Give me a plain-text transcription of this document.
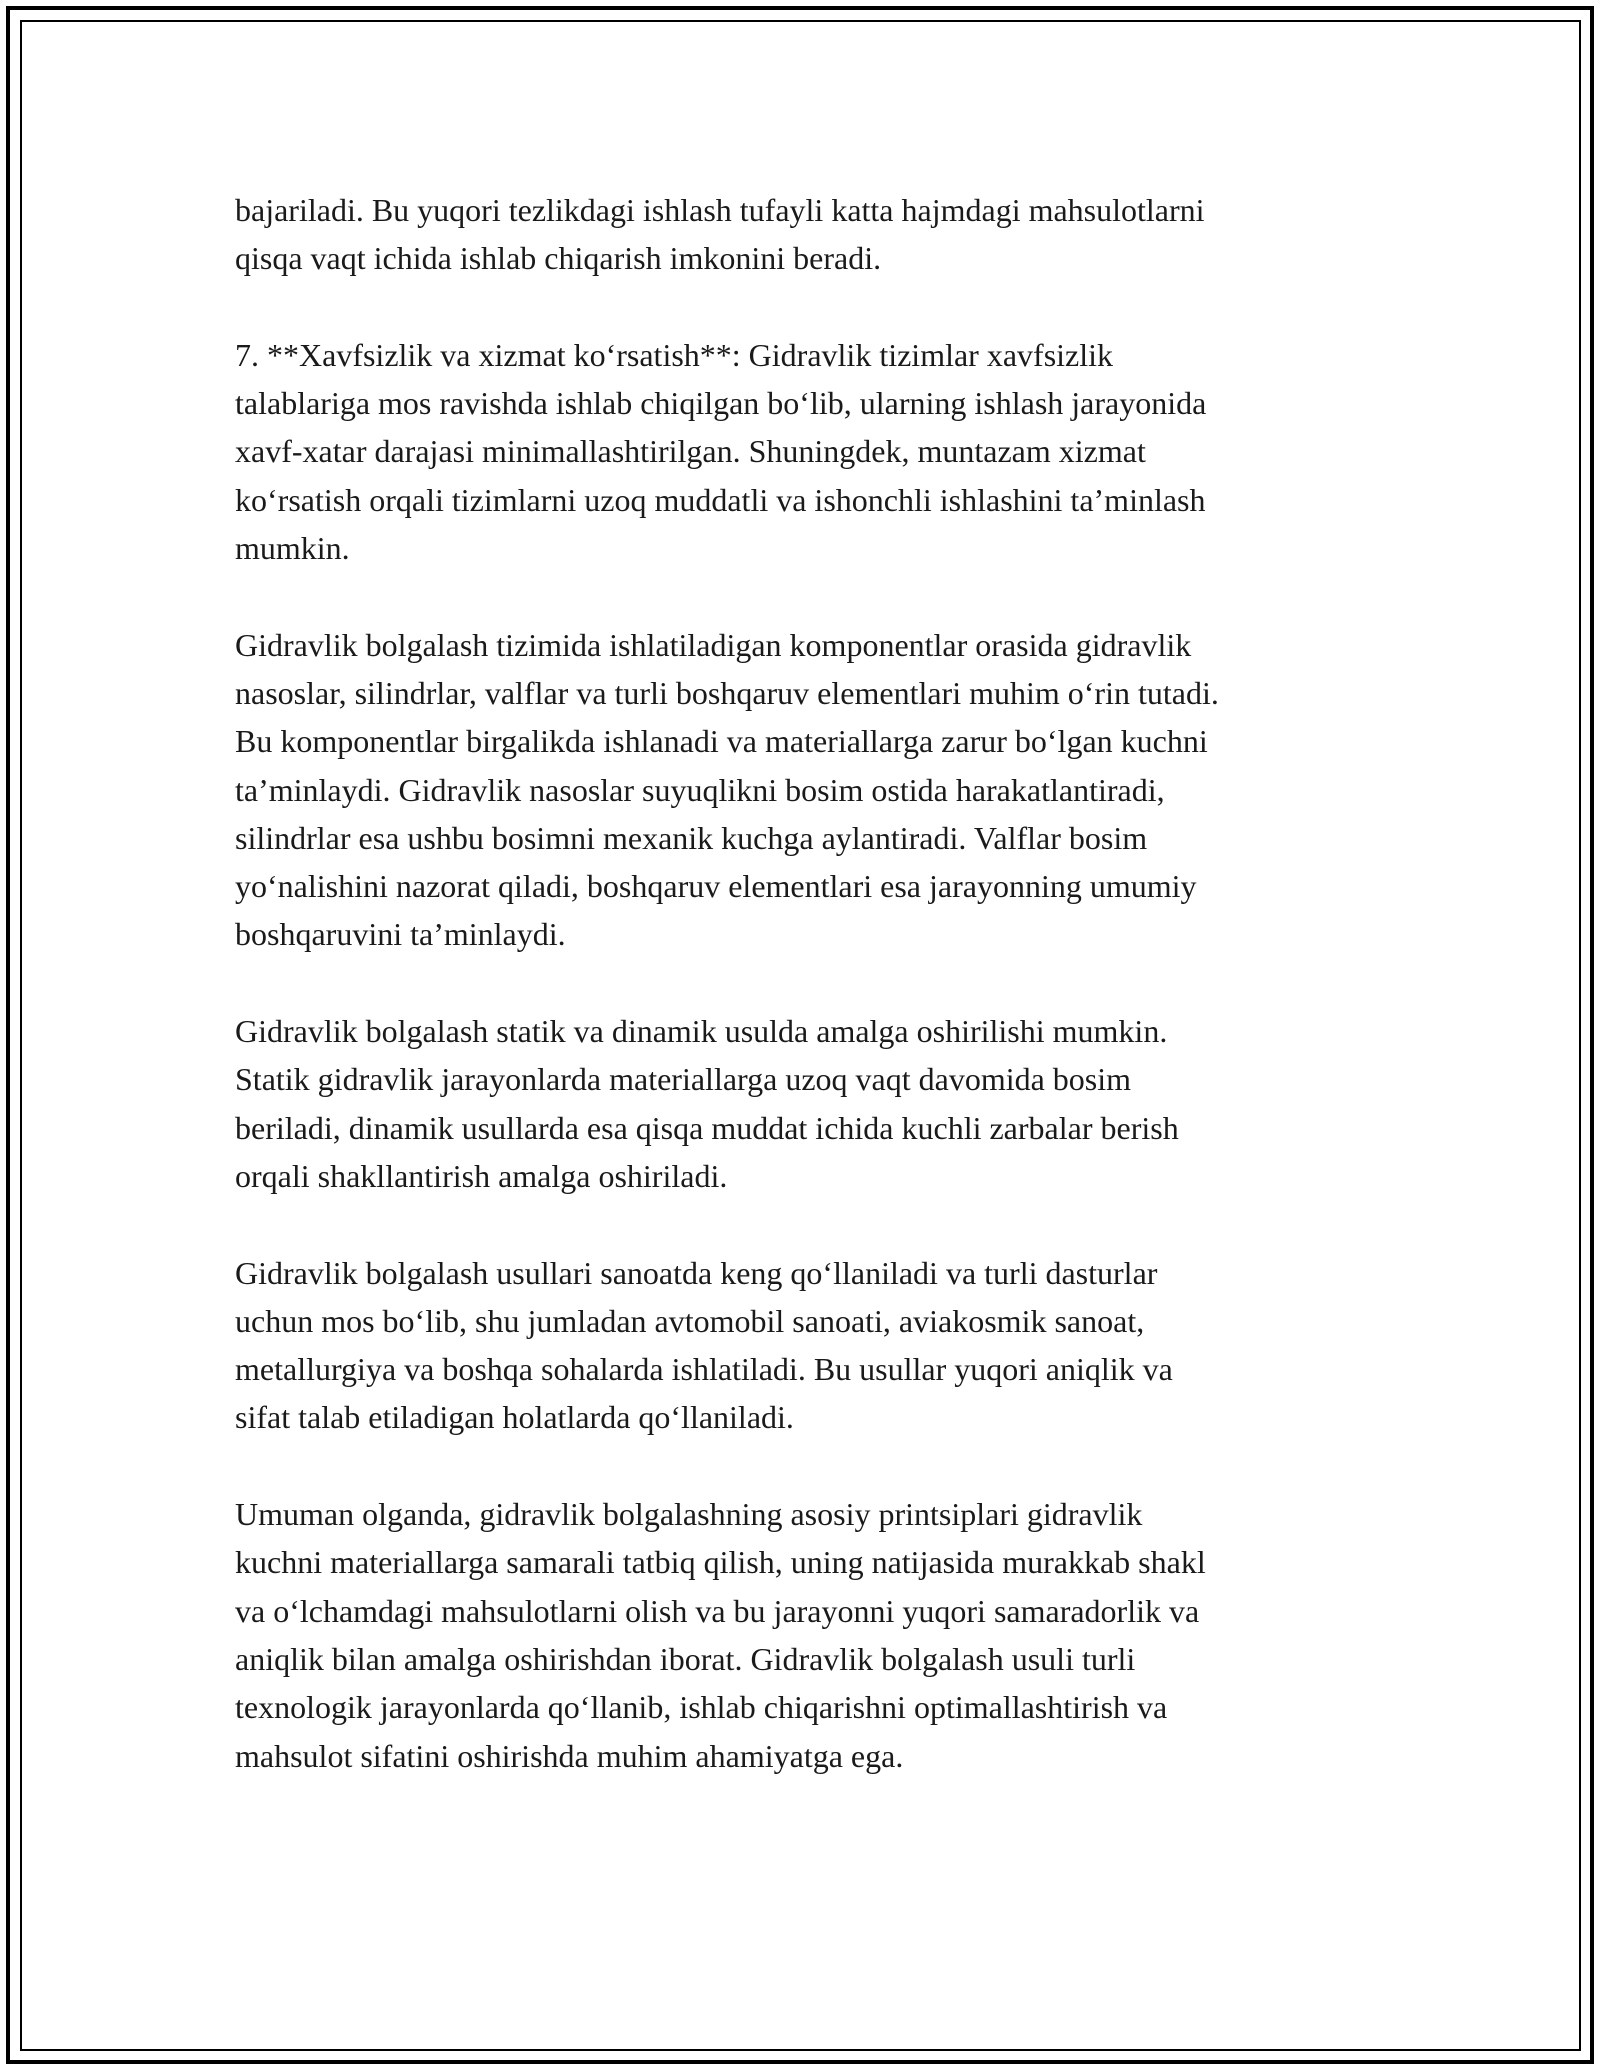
bajariladi. Bu yuqori tezlikdagi ishlash tufayli katta hajmdagi mahsulotlarni
qisqa vaqt ichida ishlab chiqarish imkonini beradi.

7. **Xavfsizlik va xizmat koʻrsatish**: Gidravlik tizimlar xavfsizlik
talablariga mos ravishda ishlab chiqilgan boʻlib, ularning ishlash jarayonida
xavf-xatar darajasi minimallashtirilgan. Shuningdek, muntazam xizmat
koʻrsatish orqali tizimlarni uzoq muddatli va ishonchli ishlashini taʼminlash
mumkin.

Gidravlik bolgalash tizimida ishlatiladigan komponentlar orasida gidravlik
nasoslar, silindrlar, valflar va turli boshqaruv elementlari muhim oʻrin tutadi.
Bu komponentlar birgalikda ishlanadi va materiallarga zarur boʻlgan kuchni
taʼminlaydi. Gidravlik nasoslar suyuqlikni bosim ostida harakatlantiradi,
silindrlar esa ushbu bosimni mexanik kuchga aylantiradi. Valflar bosim
yoʻnalishini nazorat qiladi, boshqaruv elementlari esa jarayonning umumiy
boshqaruvini taʼminlaydi.

Gidravlik bolgalash statik va dinamik usulda amalga oshirilishi mumkin.
Statik gidravlik jarayonlarda materiallarga uzoq vaqt davomida bosim
beriladi, dinamik usullarda esa qisqa muddat ichida kuchli zarbalar berish
orqali shakllantirish amalga oshiriladi.

Gidravlik bolgalash usullari sanoatda keng qoʻllaniladi va turli dasturlar
uchun mos boʻlib, shu jumladan avtomobil sanoati, aviakosmik sanoat,
metallurgiya va boshqa sohalarda ishlatiladi. Bu usullar yuqori aniqlik va
sifat talab etiladigan holatlarda qoʻllaniladi.

Umuman olganda, gidravlik bolgalashning asosiy printsiplari gidravlik
kuchni materiallarga samarali tatbiq qilish, uning natijasida murakkab shakl
va oʻlchamdagi mahsulotlarni olish va bu jarayonni yuqori samaradorlik va
aniqlik bilan amalga oshirishdan iborat. Gidravlik bolgalash usuli turli
texnologik jarayonlarda qoʻllanib, ishlab chiqarishni optimallashtirish va
mahsulot sifatini oshirishda muhim ahamiyatga ega.
